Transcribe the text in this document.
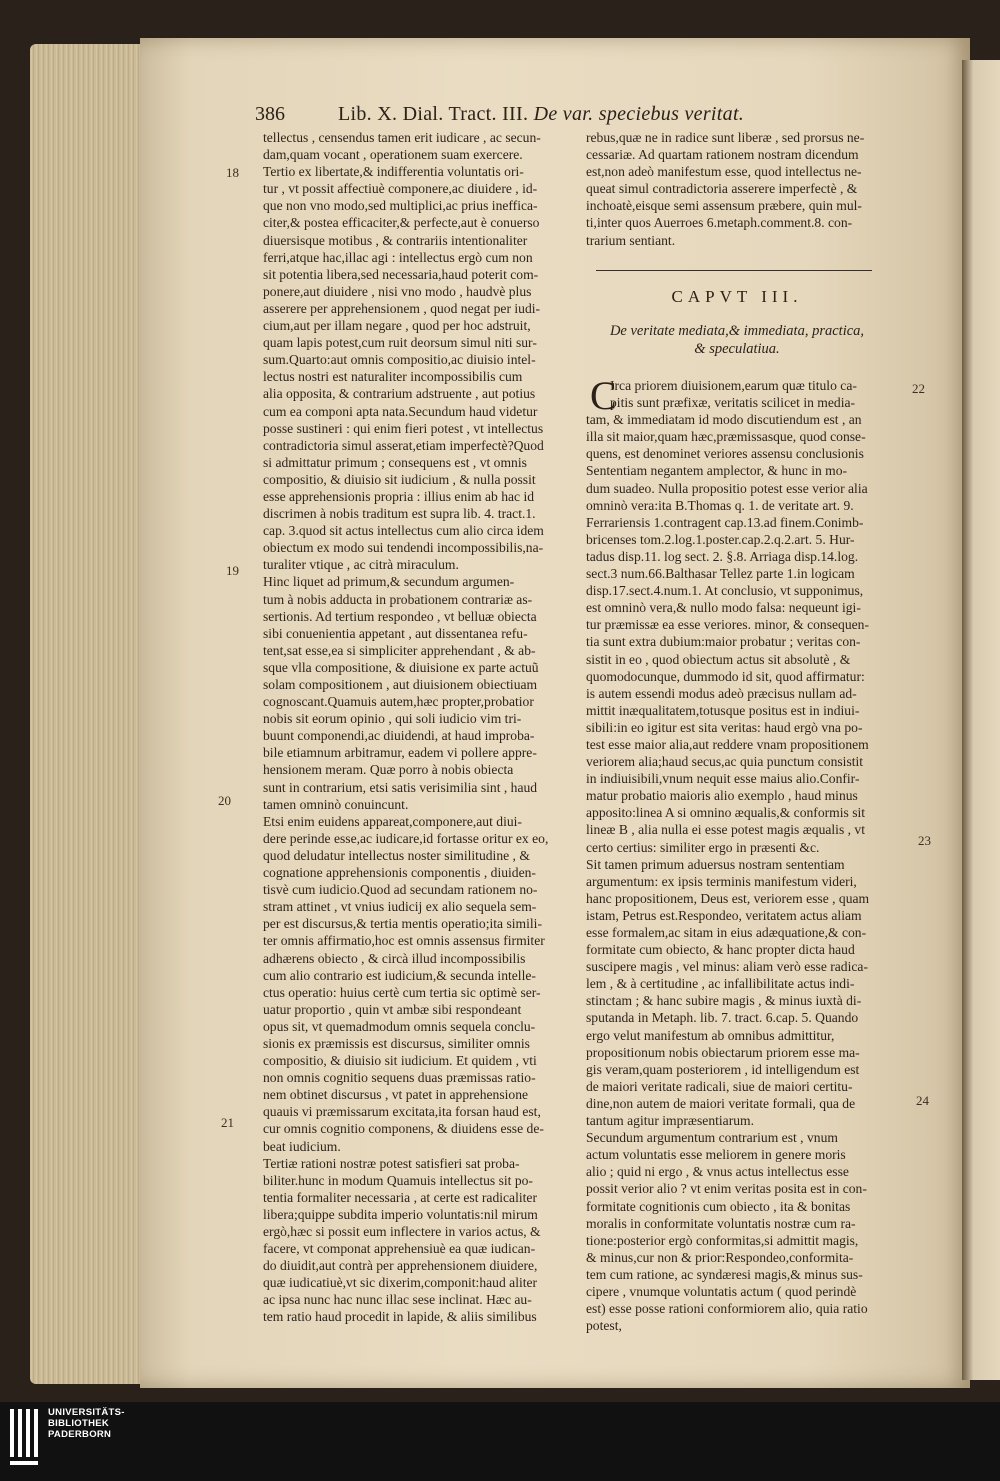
386	Lib. X. Dial. Tract. III. De var. speciebus veritat.
18
19
20
21
22
23
24

tellectus , censendus tamen erit iudicare , ac secun-

dam,quam vocant , operationem suam exercere.

Tertio ex libertate,& indifferentia voluntatis ori-

tur , vt possit affectiuè componere,ac diuidere , id-

que non vno modo,sed multiplici,ac prius inefficа-

citer,& postea efficaciter,& perfecte,aut è conuerso

diuersisque motibus , & contrariis intentionaliter

ferri,atque hac,illac agi : intellectus ergò cum non

sit potentia libera,sed necessaria,haud poterit com-

ponere,aut diuidere , nisi vno modo , haudvè plus

asserere per apprehensionem , quod negat per iudi-

cium,aut per illam negare , quod per hoc adstruit,

quam lapis potest,cum ruit deorsum simul niti sur-

sum.Quarto:aut omnis compositio,ac diuisio intel-

lectus nostri est naturaliter incompossibilis cum

alia opposita, & contrarium adstruente , aut potius

cum ea componi apta nata.Secundum haud videtur

posse sustineri : qui enim fieri potest , vt intellectus

contradictoria simul asserat,etiam imperfectè?Quod

si admittatur primum ; consequens est , vt omnis

compositio, & diuisio sit iudicium , & nulla possit

esse apprehensionis propria : illius enim ab hac id

discrimen à nobis traditum est supra lib. 4. tract.1.

cap. 3.quod sit actus intellectus cum alio circa idem

obiectum ex modo sui tendendi incompossibilis,na-

turaliter vtique , ac citrà miraculum.

Hinc liquet ad primum,& secundum argumen-

tum à nobis adducta in probationem contrariæ as-

sertionis. Ad tertium respondeo , vt belluæ obiecta

sibi conuenientia appetant , aut dissentanea refu-

tent,sat esse,ea si simpliciter apprehendant , & ab-

sque vlla compositione, & diuisione ex parte actuũ

solam compositionem , aut diuisionem obiectiuam

cognoscant.Quamuis autem,hæc propter,probatior

nobis sit eorum opinio , qui soli iudicio vim tri-

buunt componendi,ac diuidendi, at haud improba-

bile etiamnum arbitramur, eadem vi pollere appre-

hensionem meram. Quæ porro à nobis obiecta

sunt in contrarium, etsi satis verisimilia sint , haud

tamen omninò conuincunt.

Etsi enim euidens appareat,componere,aut diui-

dere perinde esse,ac iudicare,id fortasse oritur ex eo,

quod deludatur intellectus noster similitudine , &

cognatione apprehensionis componentis , diuiden-

tisvè cum iudicio.Quod ad secundam rationem no-

stram attinet , vt vnius iudicij ex alio sequela sem-

per est discursus,& tertia mentis operatio;ita simili-

ter omnis affirmatio,hoc est omnis assensus firmiter

adhærens obiecto , & circà illud incompossibilis

cum alio contrario est iudicium,& secunda intelle-

ctus operatio: huius certè cum tertia sic optimè ser-

uatur proportio , quin vt ambæ sibi respondeant

opus sit, vt quemadmodum omnis sequela conclu-

sionis ex præmissis est discursus, similiter omnis

compositio, & diuisio sit iudicium. Et quidem , vti

non omnis cognitio sequens duas præmissas ratio-

nem obtinet discursus , vt patet in apprehensione

quauis vi præmissarum excitata,ita forsan haud est,

cur omnis cognitio componens, & diuidens esse de-

beat iudicium.

Tertiæ rationi nostræ potest satisfieri sat proba-

biliter.hunc in modum Quamuis intellectus sit po-

tentia formaliter necessaria , at certe est radicaliter

libera;quippe subdita imperio voluntatis:nil mirum

ergò,hæc si possit eum inflectere in varios actus, &

facere, vt componat apprehensiuè ea quæ iudican-

do diuidit,aut contrà per apprehensionem diuidere,

quæ iudicatiuè,vt sic dixerim,componit:haud aliter

ac ipsa nunc hac nunc illac sese inclinat. Hæc au-

tem ratio haud procedit in lapide, & aliis similibus

rebus,quæ ne in radice sunt liberæ , sed prorsus ne-

cessariæ. Ad quartam rationem nostram dicendum

est,non adeò manifestum esse, quod intellectus ne-

queat simul contradictoria asserere imperfectè , &

inchoatè,eisque semi assensum præbere, quin mul-

ti,inter quos Auerroes 6.metaph.comment.8. con-

trarium sentiant.

CAPVT III.

De veritate mediata,& immediata, practica,

& speculatiua.

C

Irca priorem diuisionem,earum quæ titulo ca-

pitis sunt præfixæ, veritatis scilicet in media-

tam, & immediatam id modo discutiendum est , an

illa sit maior,quam hæc,præmissasque, quod conse-

quens, est denominet veriores assensu conclusionis

Sententiam negantem amplector, & hunc in mo-

dum suadeo. Nulla propositio potest esse verior alia

omninò vera:ita B.Thomas q. 1. de veritate art. 9.

Ferrariensis 1.contragent cap.13.ad finem.Conimb-

bricenses tom.2.log.1.poster.cap.2.q.2.art. 5. Hur-

tadus disp.11. log sect. 2. §.8. Arriaga disp.14.log.

sect.3 num.66.Balthasar Tellez parte 1.in logicam

disp.17.sect.4.num.1. At conclusio, vt supponimus,

est omninò vera,& nullo modo falsa: nequeunt igi-

tur præmissæ ea esse veriores. minor, & consequen-

tia sunt extra dubium:maior probatur ; veritas con-

sistit in eo , quod obiectum actus sit absolutè , &

quomodocunque, dummodo id sit, quod affirmatur:

is autem essendi modus adeò præcisus nullam ad-

mittit inæqualitatem,totusque positus est in indiui-

sibili:in eo igitur est sita veritas: haud ergò vna po-

test esse maior alia,aut reddere vnam propositionem

veriorem alia;haud secus,ac quia punctum consistit

in indiuisibili,vnum nequit esse maius alio.Confir-

matur probatio maioris alio exemplo , haud minus

apposito:linea A si omnino æqualis,& conformis sit

lineæ B , alia nulla ei esse potest magis æqualis , vt

certo certius: similiter ergo in præsenti &c.

Sit tamen primum aduersus nostram sententiam

argumentum: ex ipsis terminis manifestum videri,

hanc propositionem, Deus est, veriorem esse , quam

istam, Petrus est.Respondeo, veritatem actus aliam

esse formalem,ac sitam in eius adæquatione,& con-

formitate cum obiecto, & hanc propter dicta haud

suscipere magis , vel minus: aliam verò esse radica-

lem , & à certitudine , ac infallibilitate actus indi-

stinctam ; & hanc subire magis , & minus iuxtà di-

sputanda in Metaph. lib. 7. tract. 6.cap. 5. Quando

ergo velut manifestum ab omnibus admittitur,

propositionum nobis obiectarum priorem esse ma-

gis veram,quam posteriorem , id intelligendum est

de maiori veritate radicali, siue de maiori certitu-

dine,non autem de maiori veritate formali, qua de

tantum agitur impræsentiarum.

Secundum argumentum contrarium est , vnum

actum voluntatis esse meliorem in genere moris

alio ; quid ni ergo , & vnus actus intellectus esse

possit verior alio ? vt enim veritas posita est in con-

formitate cognitionis cum obiecto , ita & bonitas

moralis in conformitate voluntatis nostræ cum ra-

tione:posterior ergò conformitas,si admittit magis,

& minus,cur non & prior:Respondeo,conformita-

tem cum ratione, ac syndæresi magis,& minus sus-

cipere , vnumque voluntatis actum ( quod perindè

est) esse posse rationi conformiorem alio, quia ratio

potest,

UNIVERSITÄTS-
BIBLIOTHEK
PADERBORN
